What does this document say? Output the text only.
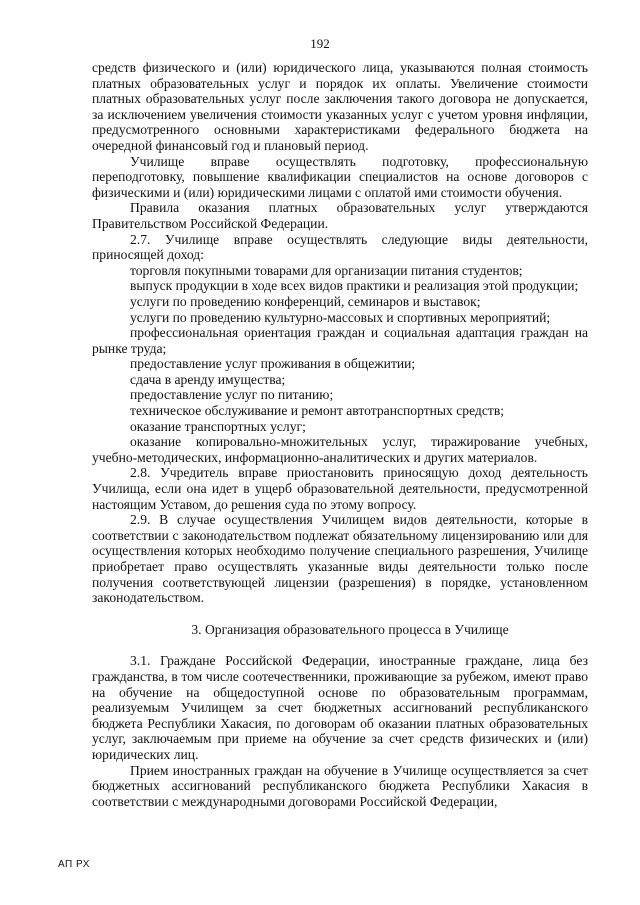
192

средств физического и (или) юридического лица, указываются полная стоимость платных образовательных услуг и порядок их оплаты. Увеличение стоимости платных образовательных услуг после заключения такого договора не допускается, за исключением увеличения стоимости указанных услуг с учетом уровня инфляции, предусмотренного основными характеристиками федерального бюджета на очередной финансовый год и плановый период.

Училище вправе осуществлять подготовку, профессиональную переподготовку, повышение квалификации специалистов на основе договоров с физическими и (или) юридическими лицами с оплатой ими стоимости обучения.

Правила оказания платных образовательных услуг утверждаются Правительством Российской Федерации.

2.7. Училище вправе осуществлять следующие виды деятельности, приносящей доход:

торговля покупными товарами для организации питания студентов;

выпуск продукции в ходе всех видов практики и реализация этой продукции;

услуги по проведению конференций, семинаров и выставок;

услуги по проведению культурно-массовых и спортивных мероприятий;

профессиональная ориентация граждан и социальная адаптация граждан на рынке труда;

предоставление услуг проживания в общежитии;

сдача в аренду имущества;

предоставление услуг по питанию;

техническое обслуживание и ремонт автотранспортных средств;

оказание транспортных услуг;

оказание копировально-множительных услуг, тиражирование учебных, учебно-методических, информационно-аналитических и других материалов.

2.8. Учредитель вправе приостановить приносящую доход деятельность Училища, если она идет в ущерб образовательной деятельности, предусмотренной настоящим Уставом, до решения суда по этому вопросу.

2.9. В случае осуществления Училищем видов деятельности, которые в соответствии с законодательством подлежат обязательному лицензированию или для осуществления которых необходимо получение специального разрешения, Училище приобретает право осуществлять указанные виды деятельности только после получения соответствующей лицензии (разрешения) в порядке, установленном законодательством.

3. Организация образовательного процесса в Училище

3.1. Граждане Российской Федерации, иностранные граждане, лица без гражданства, в том числе соотечественники, проживающие за рубежом, имеют право на обучение на общедоступной основе по образовательным программам, реализуемым Училищем за счет бюджетных ассигнований республиканского бюджета Республики Хакасия, по договорам об оказании платных образовательных услуг, заключаемым при приеме на обучение за счет средств физических и (или) юридических лиц.

Прием иностранных граждан на обучение в Училище осуществляется за счет бюджетных ассигнований республиканского бюджета Республики Хакасия в соответствии с международными договорами Российской Федерации,

АП РХ
